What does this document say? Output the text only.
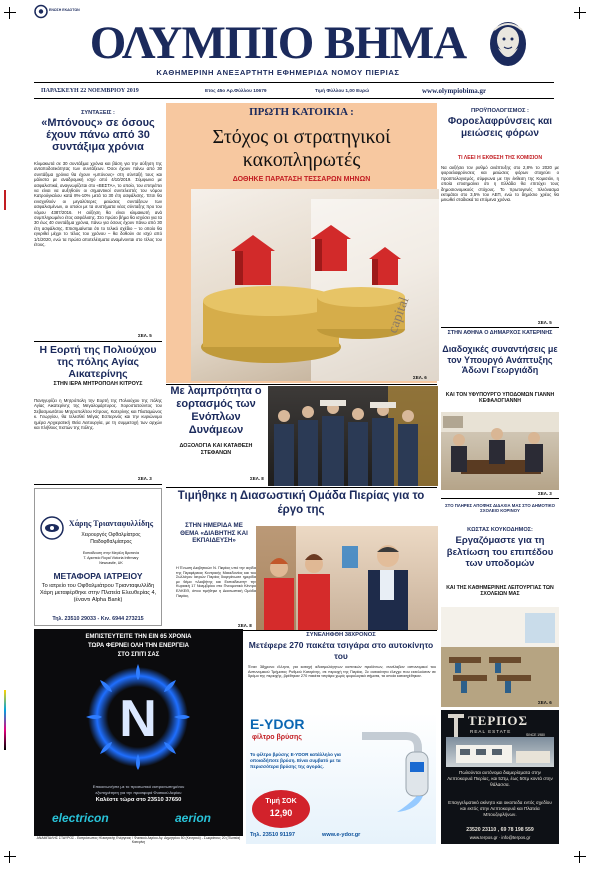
ΕΝΩΣΗ ΕΚΔΟΤΩΝ
ΟΛΥΜΠΙΟ ΒΗΜΑ
ΚΑΘΗΜΕΡΙΝΗ ΑΝΕΞΑΡΤΗΤΗ ΕΦΗΜΕΡΙΔΑ ΝΟΜΟΥ ΠΙΕΡΙΑΣ
ΠΑΡΑΣΚΕΥΗ 22 ΝΟΕΜΒΡΙΟΥ 2019	Ετος 45ο Αρ.Φύλλου 10679	Τιμή Φύλλου 1,00 Ευρώ	www.olympiobima.gr
ΣΥΝΤΑΞΕΙΣ :
«Μπόνους» σε όσους έχουν πάνω από 30 συντάξιμα χρόνια
Κλιμακωτά σε 30 συντάξιμα χρόνια και βάση για την αύξηση της ανταποδοτικότητας των συντάξεων. Όσοι έχουν πάνω από 30 συντάξιμα χρόνια θα έχουν «μπόνους» στη σύνταξή τους και μάλιστα με αναδρομική ισχύ από 4/10/2019. Σύμφωνα με ασφαλιστικά, αναγνωρίζεται στο «ΒΕΣΤΑ», το οποίο, του επιτρέπει να είναι να αυξηθούν οι σημαντικοί συντελεστές του νόμου Κατρούγκαλου κατά 8%-10% μετά τα 30 έτη ασφάλισης. Έτσι θα ενισχυθούν οι μεγαλύτερες μειώσεις συντάξεων των ασφαλισμένων, οι οποίοι με τα συστήματα νέας σύνταξης προ του νόμου 4387/2016. Η αύξηση θα είναι κλιμακωτή ανά συμπληρωμένο έτος ασφάλισης. Στο πρώτο βήμα θα ισχύσει για τα 30 έως 40 συντάξιμα χρόνια, πάνω για όσους έχουν πάνω από 30 έτη ασφάλισης. Επισημαίνεται ότι το τελικό σχέδιο – το οποίο θα εγκριθεί μέχρι το τέλος του χρόνου – θα δοθούν σε ισχύ από 1/1/2020, ενώ τα πρώτα αποτελέσματα αναμένονται στο τέλος του έτους.
ΣΕΛ. 5
Η Εορτή της Πολιούχου της πόλης Αγίας Αικατερίνης
ΣΤΗΝ ΙΕΡΑ ΜΗΤΡΟΠΟΛΗ ΚΙΤΡΟΥΣ
Πανηγυρίζει η Μητρόπολη την Εορτή της Πολιούχου της πόλης Αγίας Αικατερίνης της Μεγαλομάρτυρος. Χοροστατούντος του Σεβασμιωτάτου Μητροπολίτου Κίτρους, Κατερίνης και Πλαταμώνος κ. Γεωργίου, θα τελεσθεί Μέγας Εσπερινός και την κυριώνυμο ημέρα Αρχιερατική Θεία Λειτουργία, με τη συμμετοχή των αρχών και πλήθους πιστών της πόλης.
ΣΕΛ. 3
ΠΡΩΤΗ ΚΑΤΟΙΚΙΑ :
Στόχος οι στρατηγικοί κακοπληρωτές
ΔΟΘΗΚΕ ΠΑΡΑΤΑΣΗ ΤΕΣΣΑΡΩΝ ΜΗΝΩΝ
capital
ΣΕΛ. 6
Με λαμπρότητα ο εορτασμός των Ενόπλων Δυνάμεων
ΔΟΞΟΛΟΓΙΑ ΚΑΙ ΚΑΤΑΘΕΣΗ ΣΤΕΦΑΝΩΝ
ΣΕΛ. 8
Τιμήθηκε η Διασωστική Ομάδα Πιερίας για το έργο της
ΣΤΗΝ ΗΜΕΡΙΔΑ ΜΕ ΘΕΜΑ «ΔΙΑΒΗΤΗΣ ΚΑΙ ΕΚΠΑΙΔΕΥΣΗ»
Η Ένωση Διαβητικών Ν. Πιερίας υπό την αιγίδα της Περιφέρειας Κεντρικής Μακεδονίας και του Συλλόγου Ιατρών Πιερίας διοργάνωσε ημερίδα με θέμα «Διαβήτης και Εκπαίδευση» την Κυριακή 17 Νοεμβρίου στο Πνευματικό Κέντρο ΕΛΚΕΘ, όπου τιμήθηκε η Διασωστική Ομάδα Πιερίας.
ΣΕΛ. 8
ΣΥΝΕΛΗΦΘΗ 38ΧΡΟΝΟΣ
Μετέφερε 270 πακέτα τσιγάρα στο αυτοκίνητο του
Έναν 38χρονο έλληνα, για κατοχή αδασμολόγητων καπνικών προϊόντων, συνέλαβαν αστυνομικοί του Αστυνομικού Τμήματος Ρυθμού Κατερίνης, σε περιοχή της Πιερίας. Σε αυτοκίνητο έλεγχο που εκτελούσαν σε δρόμο της περιοχής, βρέθηκαν 270 πακέτα τσιγάρα χωρίς φορολογικά σήματα, τα οποία κατασχέθηκαν.
ΠΡΟΫΠΟΛΟΓΙΣΜΟΣ :
Φοροελαφρύνσεις και μειώσεις φόρων
ΤΙ ΛΕΕΙ Η ΕΚΘΕΣΗ ΤΗΣ ΚΟΜΙΣΙΟΝ
Να αυξήσει τον ρυθμό ανάπτυξης στο 2,8% το 2020 με φοροελαφρύνσεις και μειώσεις φόρων στοχεύει ο προϋπολογισμός, σύμφωνα με την έκθεση της Κομισιόν, η οποία επισημαίνει ότι η Ελλάδα θα επιτύχει τους δημοσιονομικούς στόχους. Το πρωτογενές πλεόνασμα εκτιμάται στο 3,5% του ΑΕΠ, ενώ το δημόσιο χρέος θα μειωθεί σταδιακά τα επόμενα χρόνια.
ΣΕΛ. 5
ΣΤΗΝ ΑΘΗΝΑ Ο ΔΗΜΑΡΧΟΣ ΚΑΤΕΡΙΝΗΣ
Διαδοχικές συναντήσεις με τον Υπουργό Ανάπτυξης Άδωνι Γεωργιάδη
ΚΑΙ ΤΟΝ ΥΦΥΠΟΥΡΓΟ ΥΠΟΔΟΜΩΝ ΓΙΑΝΝΗ ΚΕΦΑΛΟΓΙΑΝΝΗ
ΣΕΛ. 3
ΣΤΟ ΠΛΗΡΕΣ ΑΠΟΦΗΣ ΔΙΔΑΧΙΑ ΜΑΣ ΣΤΟ ΔΗΜΟΤΙΚΟ ΣΧΟΛΕΙΟ ΚΟΡΙΝΟΥ
ΚΩΣΤΑΣ ΚΟΥΚΟΔΗΜΟΣ:
Εργαζόμαστε για τη βελτίωση του επιπέδου των υποδομών
ΚΑΙ ΤΗΣ ΚΑΘΗΜΕΡΙΝΗΣ ΛΕΙΤΟΥΡΓΙΑΣ ΤΩΝ ΣΧΟΛΕΙΩΝ ΜΑΣ
ΣΕΛ. 6
Χάρης Τριανταφυλλίδης
Χειρουργός Οφθαλμίατρος
Παιδοφθαλμίατρος
Εκπαίδευση στην Μεγάλη Βρετανία
Τ. Αριστείο Royal Victoria Infirmary
Newcastle, UK
ΜΕΤΑΦΟΡΑ ΙΑΤΡΕΙΟΥ
Το ιατρείο του Οφθαλμιάτρου Τριανταφυλλίδη Χάρη μεταφέρθηκε στην Πλατεία Ελευθερίας 4, (έναντι Alpha Bank)
Τηλ. 23510 29033 - Κιν. 6944 273215
ΕΜΠΙΣΤΕΥΤΕΙΤΕ ΤΗΝ ΕΙΝ 65 ΧΡΟΝΙΑ
ΤΩΡΑ ΦΕΡΝΕΙ ΟΛΗ ΤΗΝ ΕΝΕΡΓΕΙΑ
ΣΤΟ ΣΠΙΤΙ ΣΑΣ
N
Επικοινωνήστε με το προσωπικό εκπροσωπημένου
εξυπηρέτηση για την προσφορά Φυσικού Αερίου
Καλέστε τώρα στο 23510 37650
electricon	aerion
ΑΝΑΜΠΑΛΗΣ ΣΤΑΥΡΟΣ - Εκπρόσωπος Ηλεκτρικής Ενέργειας / Φυσικού Αερίου Αγ. Δημητρίου 50 (Κεντρικό) - Σωκράτους 20 (Πλατεία) Κατερίνη
E-YDOR
φίλτρο βρύσης
Το φίλτρο βρύσης E-YDOR κατάλληλο για οποιαδήποτε βρύση. Είναι συμβατό με τα περισσότερα βρύσης της αγοράς.
Τιμή ΣΟΚ
12,90
Τηλ. 23510 91197	www.e-ydor.gr
ΤΕΡΠΟΣ
REAL ESTATE
SINCE 1980
Πωλούνται αυτόνομα διαμερίσματα στην Λεπτοκαρυά Πιερίας, και 52τμ, έως 50τμ κοντά στην θάλασσα.
Επαγγελματικό ακίνητο και οικοπεδα εντός σχεδίου και εκτός στην Λεπτοκαρυά και Πλατεία Μπουζεφλήνων.
23520 23110 , 69 78 198 559
www.terpos.gr · info@terpos.gr
